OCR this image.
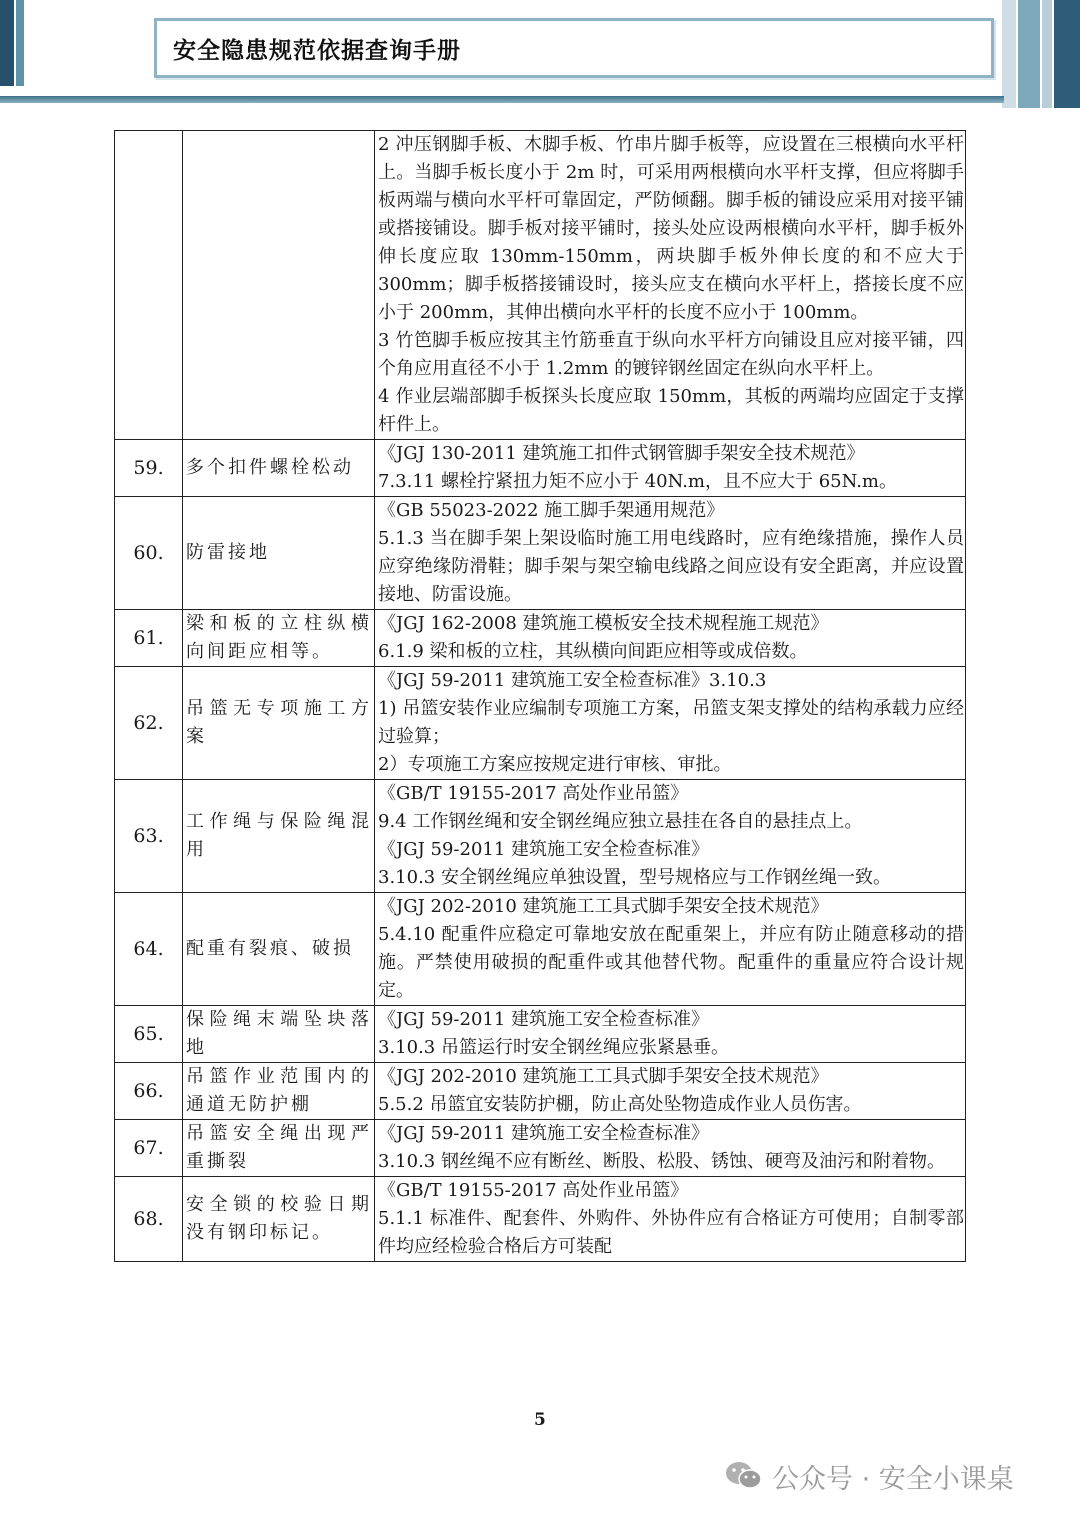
安全隐患规范依据查询手册

		2 冲压钢脚手板、木脚手板、竹串片脚手板等，应设置在三根横向水平杆上。当脚手板长度小于 2m 时，可采用两根横向水平杆支撑，但应将脚手板两端与横向水平杆可靠固定，严防倾翻。脚手板的铺设应采用对接平铺或搭接铺设。脚手板对接平铺时，接头处应设两根横向水平杆，脚手板外伸长度应取 130mm-150mm，两块脚手板外伸长度的和不应大于 300mm；脚手板搭接铺设时，接头应支在横向水平杆上，搭接长度不应小于 200mm，其伸出横向水平杆的长度不应小于 100mm。
3 竹笆脚手板应按其主竹筋垂直于纵向水平杆方向铺设且应对接平铺，四个角应用直径不小于 1.2mm 的镀锌钢丝固定在纵向水平杆上。
4 作业层端部脚手板探头长度应取 150mm，其板的两端均应固定于支撑杆件上。

59.	多个扣件螺栓松动	《JGJ 130-2011 建筑施工扣件式钢管脚手架安全技术规范》
7.3.11 螺栓拧紧扭力矩不应小于 40N.m，且不应大于 65N.m。

60.	防雷接地	《GB 55023-2022 施工脚手架通用规范》
5.1.3 当在脚手架上架设临时施工用电线路时，应有绝缘措施，操作人员应穿绝缘防滑鞋；脚手架与架空输电线路之间应设有安全距离，并应设置接地、防雷设施。

61.	梁和板的立柱纵横向间距应相等。	《JGJ 162-2008 建筑施工模板安全技术规程施工规范》
6.1.9 梁和板的立柱，其纵横向间距应相等或成倍数。

62.	吊篮无专项施工方案	《JGJ 59-2011 建筑施工安全检查标准》3.10.3
1) 吊篮安装作业应编制专项施工方案，吊篮支架支撑处的结构承载力应经过验算；
2）专项施工方案应按规定进行审核、审批。

63.	工作绳与保险绳混用	《GB/T 19155-2017 高处作业吊篮》
9.4 工作钢丝绳和安全钢丝绳应独立悬挂在各自的悬挂点上。
《JGJ 59-2011 建筑施工安全检查标准》
3.10.3 安全钢丝绳应单独设置，型号规格应与工作钢丝绳一致。

64.	配重有裂痕、破损	《JGJ 202-2010 建筑施工工具式脚手架安全技术规范》
5.4.10 配重件应稳定可靠地安放在配重架上，并应有防止随意移动的措施。严禁使用破损的配重件或其他替代物。配重件的重量应符合设计规定。

65.	保险绳末端坠块落地	《JGJ 59-2011 建筑施工安全检查标准》
3.10.3 吊篮运行时安全钢丝绳应张紧悬垂。

66.	吊篮作业范围内的通道无防护棚	《JGJ 202-2010 建筑施工工具式脚手架安全技术规范》
5.5.2 吊篮宜安装防护棚，防止高处坠物造成作业人员伤害。

67.	吊篮安全绳出现严重撕裂	《JGJ 59-2011 建筑施工安全检查标准》
3.10.3 钢丝绳不应有断丝、断股、松股、锈蚀、硬弯及油污和附着物。

68.	安全锁的校验日期没有钢印标记。	《GB/T 19155-2017 高处作业吊篮》
5.1.1 标准件、配套件、外购件、外协件应有合格证方可使用；自制零部件均应经检验合格后方可装配
5
公众号 · 安全小课桌
